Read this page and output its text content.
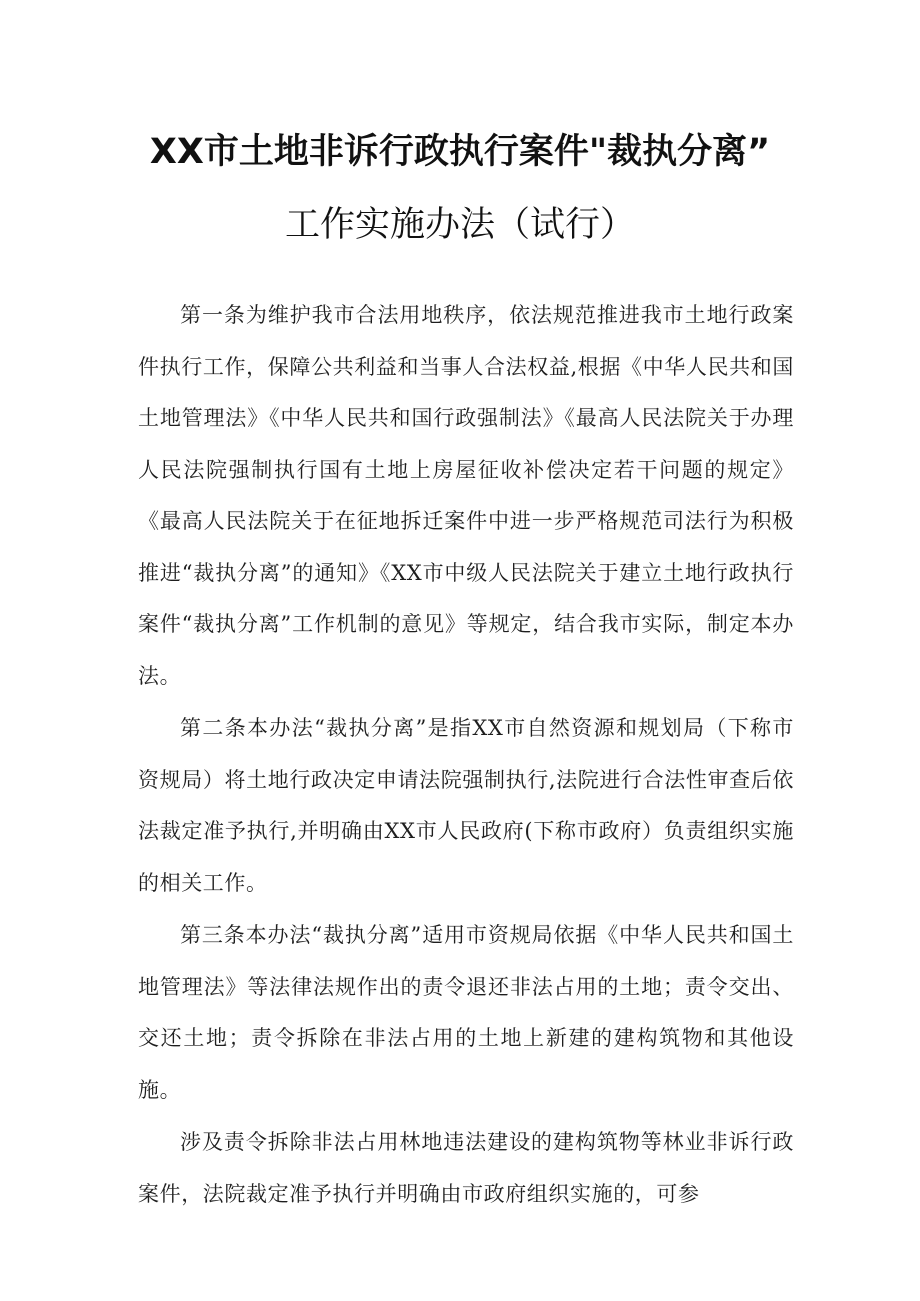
XX市土地非诉行政执行案件"裁执分离”
工作实施办法（试行）

第一条为维护我市合法用地秩序，依法规范推进我市土地行政案件执行工作，保障公共利益和当事人合法权益,根据《中华人民共和国土地管理法》《中华人民共和国行政强制法》《最高人民法院关于办理人民法院强制执行国有土地上房屋征收补偿决定若干问题的规定》《最高人民法院关于在征地拆迁案件中进一步严格规范司法行为积极推进“裁执分离”的通知》《XX市中级人民法院关于建立土地行政执行案件“裁执分离”工作机制的意见》等规定，结合我市实际，制定本办法。

第二条本办法“裁执分离”是指XX市自然资源和规划局（下称市资规局）将土地行政决定申请法院强制执行,法院进行合法性审查后依法裁定准予执行,并明确由XX市人民政府(下称市政府）负责组织实施的相关工作。

第三条本办法“裁执分离”适用市资规局依据《中华人民共和国土地管理法》等法律法规作出的责令退还非法占用的土地；责令交出、交还土地；责令拆除在非法占用的土地上新建的建构筑物和其他设施。

涉及责令拆除非法占用林地违法建设的建构筑物等林业非诉行政案件，法院裁定准予执行并明确由市政府组织实施的，可参
